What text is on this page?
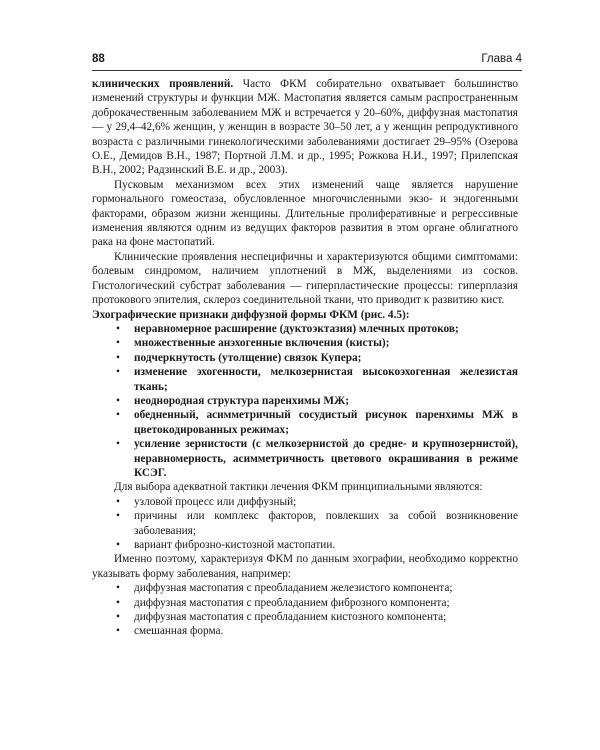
88	Глава 4

клинических проявлений. Часто ФКМ собирательно охватывает большинство изменений структуры и функции МЖ. Мастопатия является самым распространенным доброкачественным заболеванием МЖ и встречается у 20–60%, диффузная мастопатия — у 29,4–42,6% женщин, у женщин в возрасте 30–50 лет, а у женщин репродуктивного возраста с различными гинекологическими заболеваниями достигает 29–95% (Озерова О.Е., Демидов В.Н., 1987; Портной Л.М. и др., 1995; Рожкова Н.И., 1997; Прилепская В.Н., 2002; Радзинский В.Е. и др., 2003).

Пусковым механизмом всех этих изменений чаще является нарушение гормонального гомеостаза, обусловленное многочисленными экзо- и эндогенными факторами, образом жизни женщины. Длительные пролиферативные и регрессивные изменения являются одним из ведущих факторов развития в этом органе облигатного рака на фоне мастопатий.

Клинические проявления неспецифичны и характеризуются общими симптомами: болевым синдромом, наличием уплотнений в МЖ, выделениями из сосков. Гистологический субстрат заболевания — гиперпластические процессы: гиперплазия протокового эпителия, склероз соединительной ткани, что приводит к развитию кист.

Эхографические признаки диффузной формы ФКМ (рис. 4.5):

• неравномерное расширение (дуктоэктазия) млечных протоков;
• множественные анэхогенные включения (кисты);
• подчеркнутость (утолщение) связок Купера;
• изменение эхогенности, мелкозернистая высокоэхогенная железистая ткань;
• неоднородная структура паренхимы МЖ;
• обедненный, асимметричный сосудистый рисунок паренхимы МЖ в цветокодированных режимах;
• усиление зернистости (с мелкозернистой до средне- и крупнозернистой), неравномерность, асимметричность цветового окрашивания в режиме КСЭГ.

Для выбора адекватной тактики лечения ФКМ принципиальными являются:

• узловой процесс или диффузный;
• причины или комплекс факторов, повлекших за собой возникновение заболевания;
• вариант фиброзно-кистозной мастопатии.

Именно поэтому, характеризуя ФКМ по данным эхографии, необходимо корректно указывать форму заболевания, например:

• диффузная мастопатия с преобладанием железистого компонента;
• диффузная мастопатия с преобладанием фиброзного компонента;
• диффузная мастопатия с преобладанием кистозного компонента;
• смешанная форма.
